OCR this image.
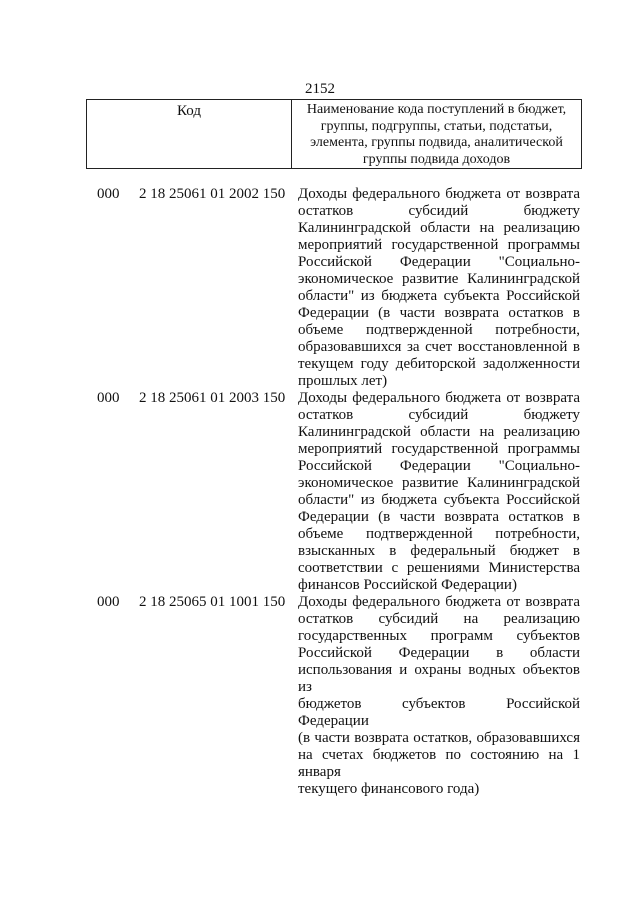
2152
Код	Наименование кода поступлений в бюджет, группы, подгруппы, статьи, подстатьи, элемента, группы подвида, аналитической группы подвида доходов
000 2 18 25061 01 2002 150 Доходы федерального бюджета от возврата
остатков субсидий бюджету
Калининградской области на реализацию
мероприятий государственной программы
Российской Федерации "Социально-
экономическое развитие Калининградской
области" из бюджета субъекта Российской
Федерации (в части возврата остатков в
объеме подтвержденной потребности,
образовавшихся за счет восстановленной в
текущем году дебиторской задолженности
прошлых лет)
000 2 18 25061 01 2003 150 Доходы федерального бюджета от возврата
остатков субсидий бюджету
Калининградской области на реализацию
мероприятий государственной программы
Российской Федерации "Социально-
экономическое развитие Калининградской
области" из бюджета субъекта Российской
Федерации (в части возврата остатков в
объеме подтвержденной потребности,
взысканных в федеральный бюджет в
соответствии с решениями Министерства
финансов Российской Федерации)
000 2 18 25065 01 1001 150 Доходы федерального бюджета от возврата
остатков субсидий на реализацию
государственных программ субъектов
Российской Федерации в области
использования и охраны водных объектов из
бюджетов субъектов Российской Федерации
(в части возврата остатков, образовавшихся
на счетах бюджетов по состоянию на 1 января
текущего финансового года)
